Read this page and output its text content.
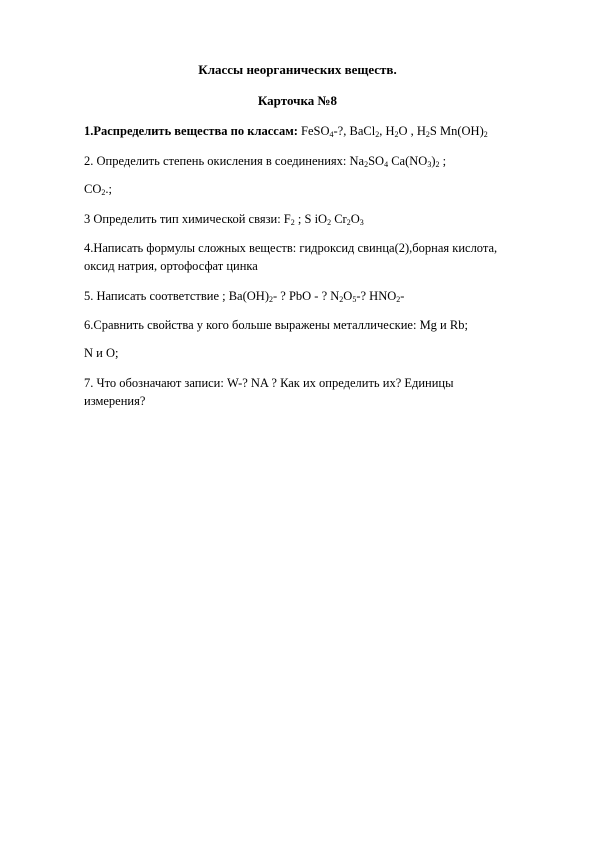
Классы неорганических веществ.
Карточка №8
1.Распределить вещества по классам: FeSO$_4$-?, BaCl$_2$, $H_2O$ , $H_2S$ $Mn(OH)_2$
2. Определить степень окисления в соединениях: $Na_2SO_4$ $Ca(NO_3)_2$ ;
$CO_2$.;
3 Определить тип химической связи: $F_2$ ; S $iO_2$ $Cr_2O_3$
4.Написать формулы сложных веществ: гидроксид свинца(2),борная кислота,
оксид натрия, ортофосфат цинка
5. Написать соответствие ; $Ba(OH)_2-$ ? PbO - ? $N_2O_5-$? $HNO_2-$
6.Сравнить свойства у кого больше выражены металлические: Mg и Rb;
N и O;
7. Что обозначают записи: W-? NA ? Как их определить их? Единицы
измерения?
